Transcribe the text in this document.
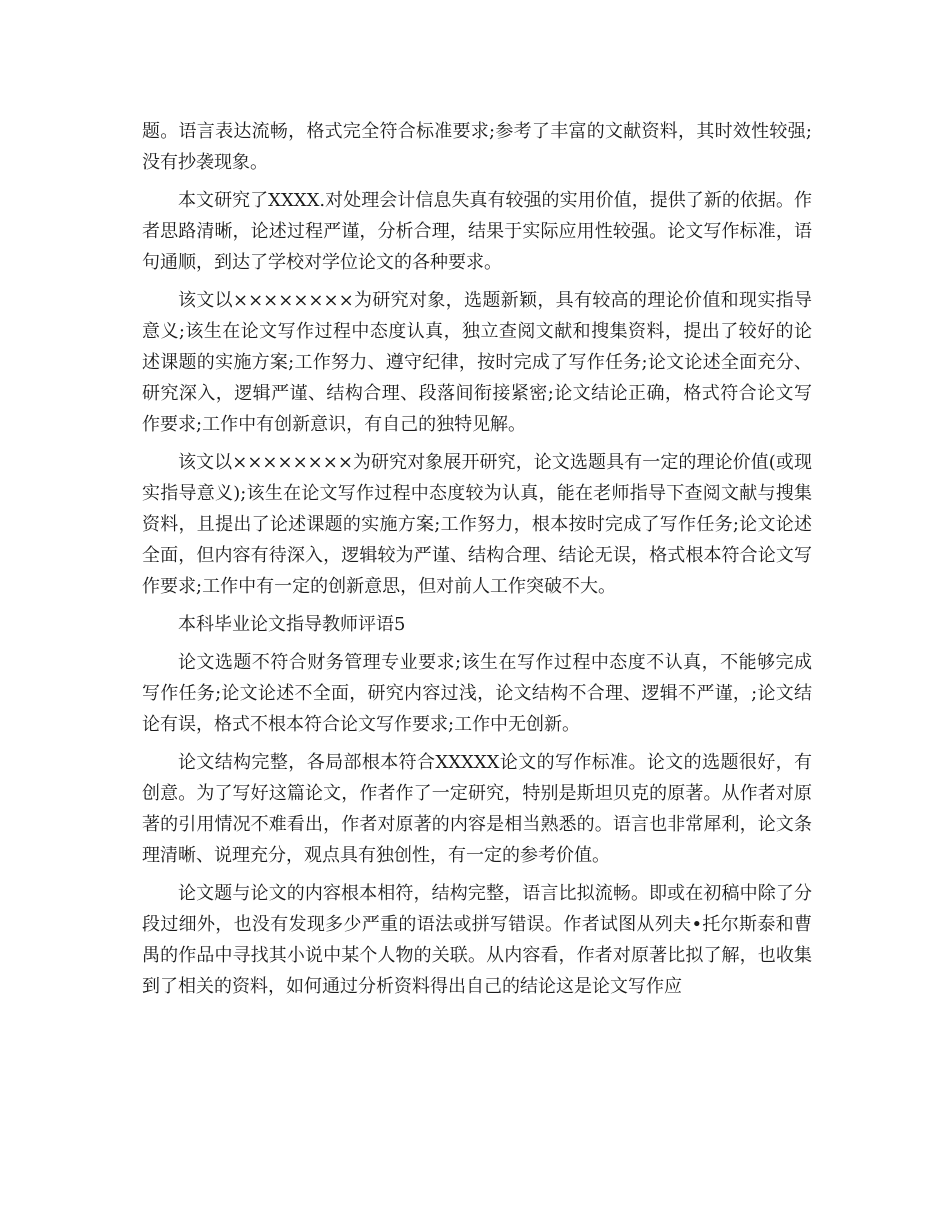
题。语言表达流畅，格式完全符合标准要求;参考了丰富的文献资料，其时效性较强;没有抄袭现象。

本文研究了XXXX.对处理会计信息失真有较强的实用价值，提供了新的依据。作者思路清晰，论述过程严谨，分析合理，结果于实际应用性较强。论文写作标准，语句通顺，到达了学校对学位论文的各种要求。

该文以××××××××为研究对象，选题新颖，具有较高的理论价值和现实指导意义;该生在论文写作过程中态度认真，独立查阅文献和搜集资料，提出了较好的论述课题的实施方案;工作努力、遵守纪律，按时完成了写作任务;论文论述全面充分、研究深入，逻辑严谨、结构合理、段落间衔接紧密;论文结论正确，格式符合论文写作要求;工作中有创新意识，有自己的独特见解。

该文以××××××××为研究对象展开研究，论文选题具有一定的理论价值(或现实指导意义);该生在论文写作过程中态度较为认真，能在老师指导下查阅文献与搜集资料，且提出了论述课题的实施方案;工作努力，根本按时完成了写作任务;论文论述全面，但内容有待深入，逻辑较为严谨、结构合理、结论无误，格式根本符合论文写作要求;工作中有一定的创新意思，但对前人工作突破不大。

本科毕业论文指导教师评语5

论文选题不符合财务管理专业要求;该生在写作过程中态度不认真，不能够完成写作任务;论文论述不全面，研究内容过浅，论文结构不合理、逻辑不严谨，;论文结论有误，格式不根本符合论文写作要求;工作中无创新。

论文结构完整，各局部根本符合XXXXX论文的写作标准。论文的选题很好，有创意。为了写好这篇论文，作者作了一定研究，特别是斯坦贝克的原著。从作者对原著的引用情况不难看出，作者对原著的内容是相当熟悉的。语言也非常犀利，论文条理清晰、说理充分，观点具有独创性，有一定的参考价值。

论文题与论文的内容根本相符，结构完整，语言比拟流畅。即或在初稿中除了分段过细外，也没有发现多少严重的语法或拼写错误。作者试图从列夫•托尔斯泰和曹禺的作品中寻找其小说中某个人物的关联。从内容看，作者对原著比拟了解，也收集到了相关的资料，如何通过分析资料得出自己的结论这是论文写作应
